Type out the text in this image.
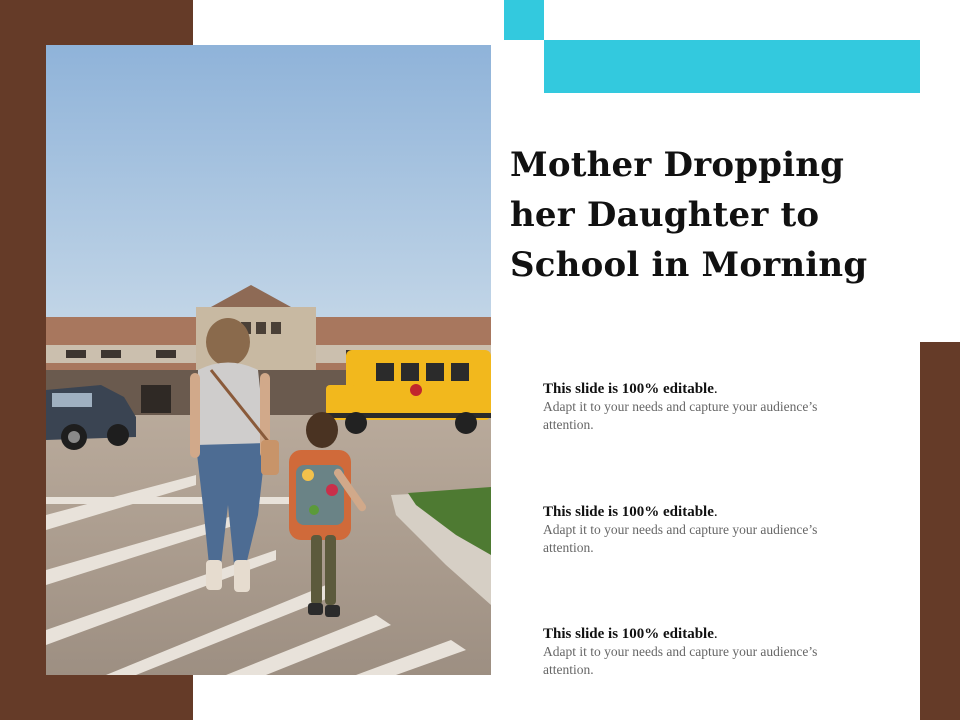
Mother Dropping
her Daughter to
School in Morning
This slide is 100% editable.
Adapt it to your needs and capture your audience’s attention.
This slide is 100% editable.
Adapt it to your needs and capture your audience’s attention.
This slide is 100% editable.
Adapt it to your needs and capture your audience’s attention.
